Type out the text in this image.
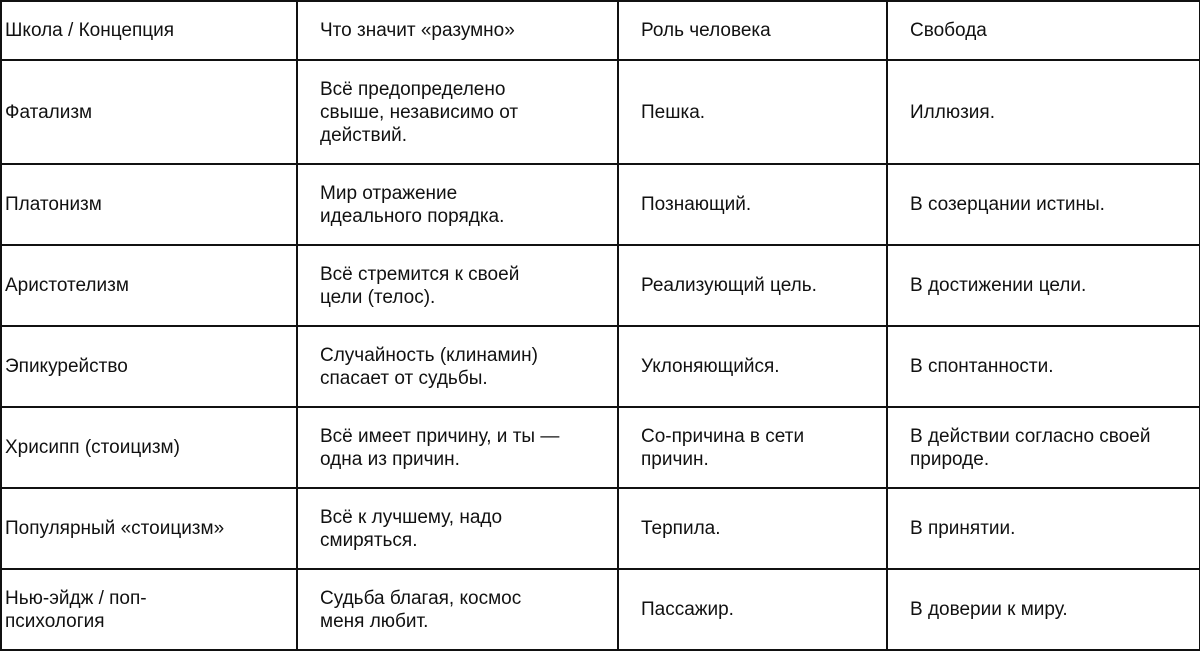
Школа / Концепция	Что значит «разумно»	Роль человека	Свобода
Фатализм	Всё предопределено свыше, независимо от действий.	Пешка.	Иллюзия.
Платонизм	Мир отражение идеального порядка.	Познающий.	В созерцании истины.
Аристотелизм	Всё стремится к своей цели (телос).	Реализующий цель.	В достижении цели.
Эпикурейство	Случайность (клинамин) спасает от судьбы.	Уклоняющийся.	В спонтанности.
Хрисипп (стоицизм)	Всё имеет причину, и ты — одна из причин.	Со-причина в сети причин.	В действии согласно своей природе.
Популярный «стоицизм»	Всё к лучшему, надо смиряться.	Терпила.	В принятии.
Нью-эйдж / поп-психология	Судьба благая, космос меня любит.	Пассажир.	В доверии к миру.
